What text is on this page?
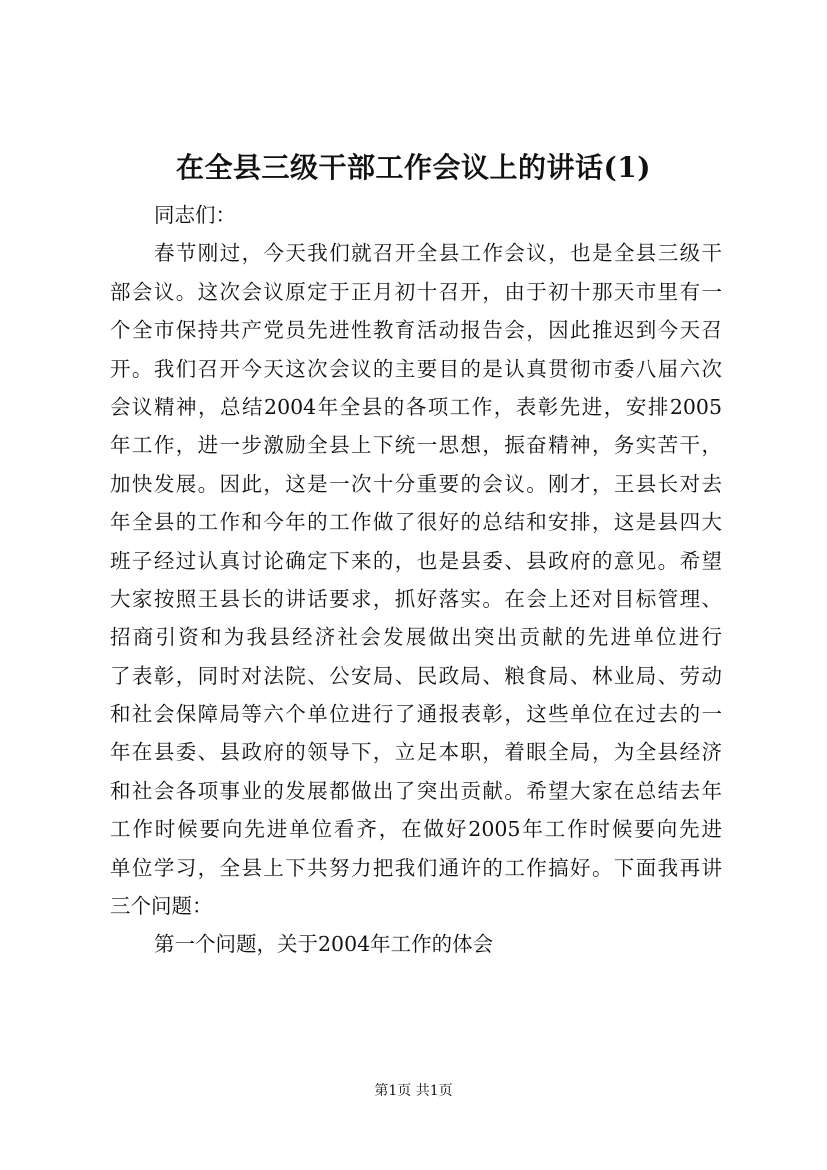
在全县三级干部工作会议上的讲话(1)
同志们：
春节刚过，今天我们就召开全县工作会议，也是全县三级干
部会议。这次会议原定于正月初十召开，由于初十那天市里有一
个全市保持共产党员先进性教育活动报告会，因此推迟到今天召
开。我们召开今天这次会议的主要目的是认真贯彻市委八届六次
会议精神，总结2004年全县的各项工作，表彰先进，安排2005
年工作，进一步激励全县上下统一思想，振奋精神，务实苦干，
加快发展。因此，这是一次十分重要的会议。刚才，王县长对去
年全县的工作和今年的工作做了很好的总结和安排，这是县四大
班子经过认真讨论确定下来的，也是县委、县政府的意见。希望
大家按照王县长的讲话要求，抓好落实。在会上还对目标管理、
招商引资和为我县经济社会发展做出突出贡献的先进单位进行
了表彰，同时对法院、公安局、民政局、粮食局、林业局、劳动
和社会保障局等六个单位进行了通报表彰，这些单位在过去的一
年在县委、县政府的领导下，立足本职，着眼全局，为全县经济
和社会各项事业的发展都做出了突出贡献。希望大家在总结去年
工作时候要向先进单位看齐，在做好2005年工作时候要向先进
单位学习，全县上下共努力把我们通许的工作搞好。下面我再讲
三个问题：
第一个问题，关于2004年工作的体会
第1页 共1页
